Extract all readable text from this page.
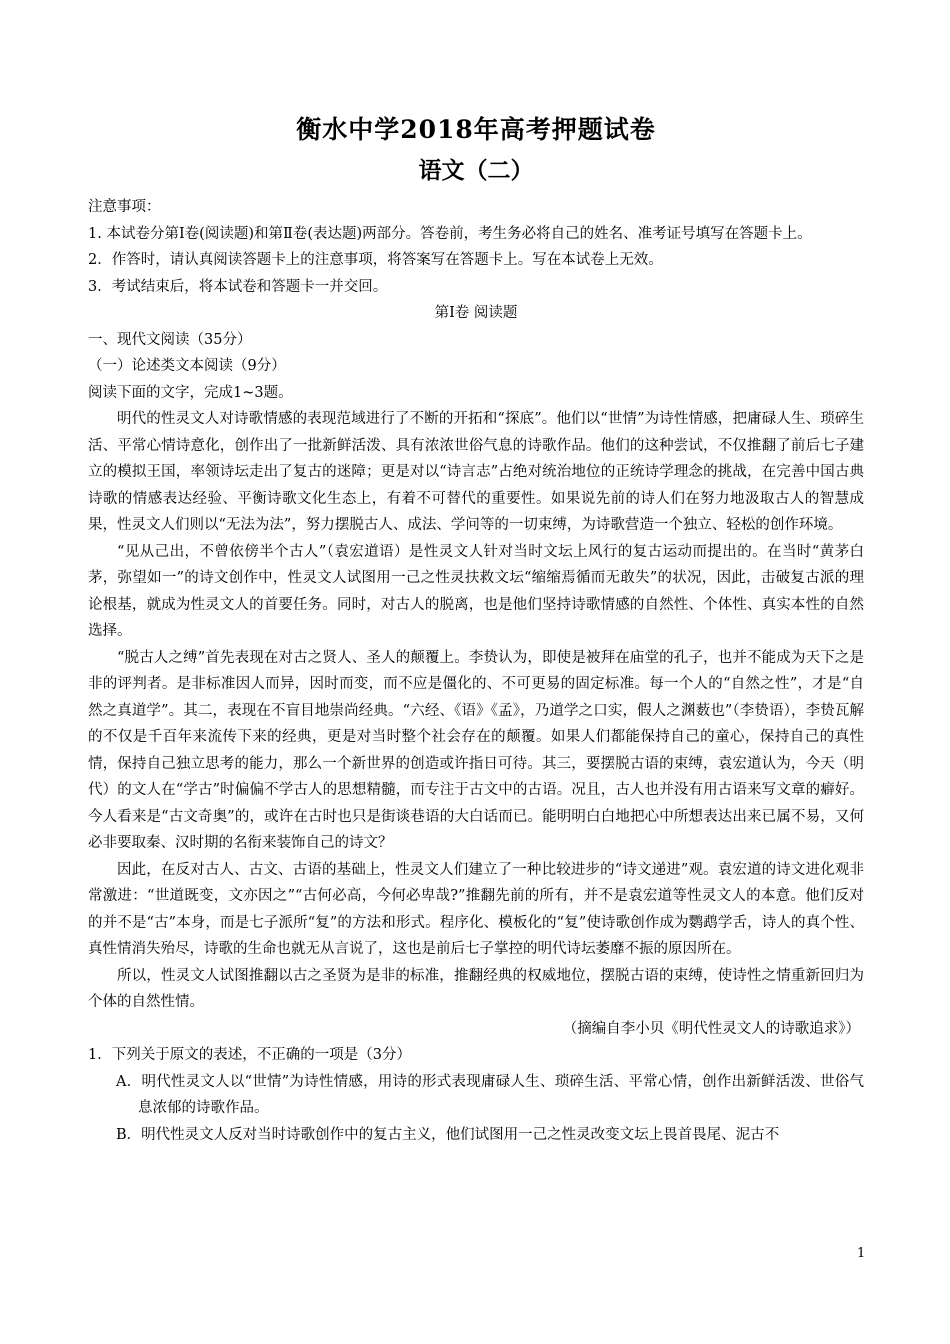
衡水中学2018年高考押题试卷
语文（二）

注意事项：

1. 本试卷分第Ⅰ卷(阅读题)和第Ⅱ卷(表达题)两部分。答卷前，考生务必将自己的姓名、准考证号填写在答题卡上。

2．作答时，请认真阅读答题卡上的注意事项，将答案写在答题卡上。写在本试卷上无效。

3．考试结束后，将本试卷和答题卡一并交回。

第Ⅰ卷 阅读题

一、现代文阅读（35分）

（一）论述类文本阅读（9分）

阅读下面的文字，完成1~3题。

明代的性灵文人对诗歌情感的表现范域进行了不断的开拓和“探底”。他们以“世情”为诗性情感，把庸碌人生、琐碎生活、平常心情诗意化，创作出了一批新鲜活泼、具有浓浓世俗气息的诗歌作品。他们的这种尝试，不仅推翻了前后七子建立的模拟王国，率领诗坛走出了复古的迷障；更是对以“诗言志”占绝对统治地位的正统诗学理念的挑战，在完善中国古典诗歌的情感表达经验、平衡诗歌文化生态上，有着不可替代的重要性。如果说先前的诗人们在努力地汲取古人的智慧成果，性灵文人们则以“无法为法”，努力摆脱古人、成法、学问等的一切束缚，为诗歌营造一个独立、轻松的创作环境。

“见从己出，不曾依傍半个古人”（袁宏道语）是性灵文人针对当时文坛上风行的复古运动而提出的。在当时“黄茅白茅，弥望如一”的诗文创作中，性灵文人试图用一己之性灵扶救文坛“缩缩焉循而无敢失”的状况，因此，击破复古派的理论根基，就成为性灵文人的首要任务。同时，对古人的脱离，也是他们坚持诗歌情感的自然性、个体性、真实本性的自然选择。

“脱古人之缚”首先表现在对古之贤人、圣人的颠覆上。李贽认为，即使是被拜在庙堂的孔子，也并不能成为天下之是非的评判者。是非标准因人而异，因时而变，而不应是僵化的、不可更易的固定标准。每一个人的“自然之性”，才是“自然之真道学”。其二，表现在不盲目地崇尚经典。“六经、《语》《孟》，乃道学之口实，假人之渊薮也”（李贽语），李贽瓦解的不仅是千百年来流传下来的经典，更是对当时整个社会存在的颠覆。如果人们都能保持自己的童心，保持自己的真性情，保持自己独立思考的能力，那么一个新世界的创造或许指日可待。其三，要摆脱古语的束缚，袁宏道认为，今天（明代）的文人在“学古”时偏偏不学古人的思想精髓，而专注于古文中的古语。况且，古人也并没有用古语来写文章的癖好。今人看来是“古文奇奥”的，或许在古时也只是街谈巷语的大白话而已。能明明白白地把心中所想表达出来已属不易，又何必非要取秦、汉时期的名衔来装饰自己的诗文？

因此，在反对古人、古文、古语的基础上，性灵文人们建立了一种比较进步的“诗文递进”观。袁宏道的诗文进化观非常激进：“世道既变，文亦因之”“古何必高，今何必卑哉?”推翻先前的所有，并不是袁宏道等性灵文人的本意。他们反对的并不是“古”本身，而是七子派所“复”的方法和形式。程序化、模板化的“复”使诗歌创作成为鹦鹉学舌，诗人的真个性、真性情消失殆尽，诗歌的生命也就无从言说了，这也是前后七子掌控的明代诗坛萎靡不振的原因所在。

所以，性灵文人试图推翻以古之圣贤为是非的标准，推翻经典的权威地位，摆脱古语的束缚，使诗性之情重新回归为个体的自然性情。

（摘编自李小贝《明代性灵文人的诗歌追求》）

1．下列关于原文的表述，不正确的一项是（3分）

A．明代性灵文人以“世情”为诗性情感，用诗的形式表现庸碌人生、琐碎生活、平常心情，创作出新鲜活泼、世俗气息浓郁的诗歌作品。

B．明代性灵文人反对当时诗歌创作中的复古主义，他们试图用一己之性灵改变文坛上畏首畏尾、泥古不

1
